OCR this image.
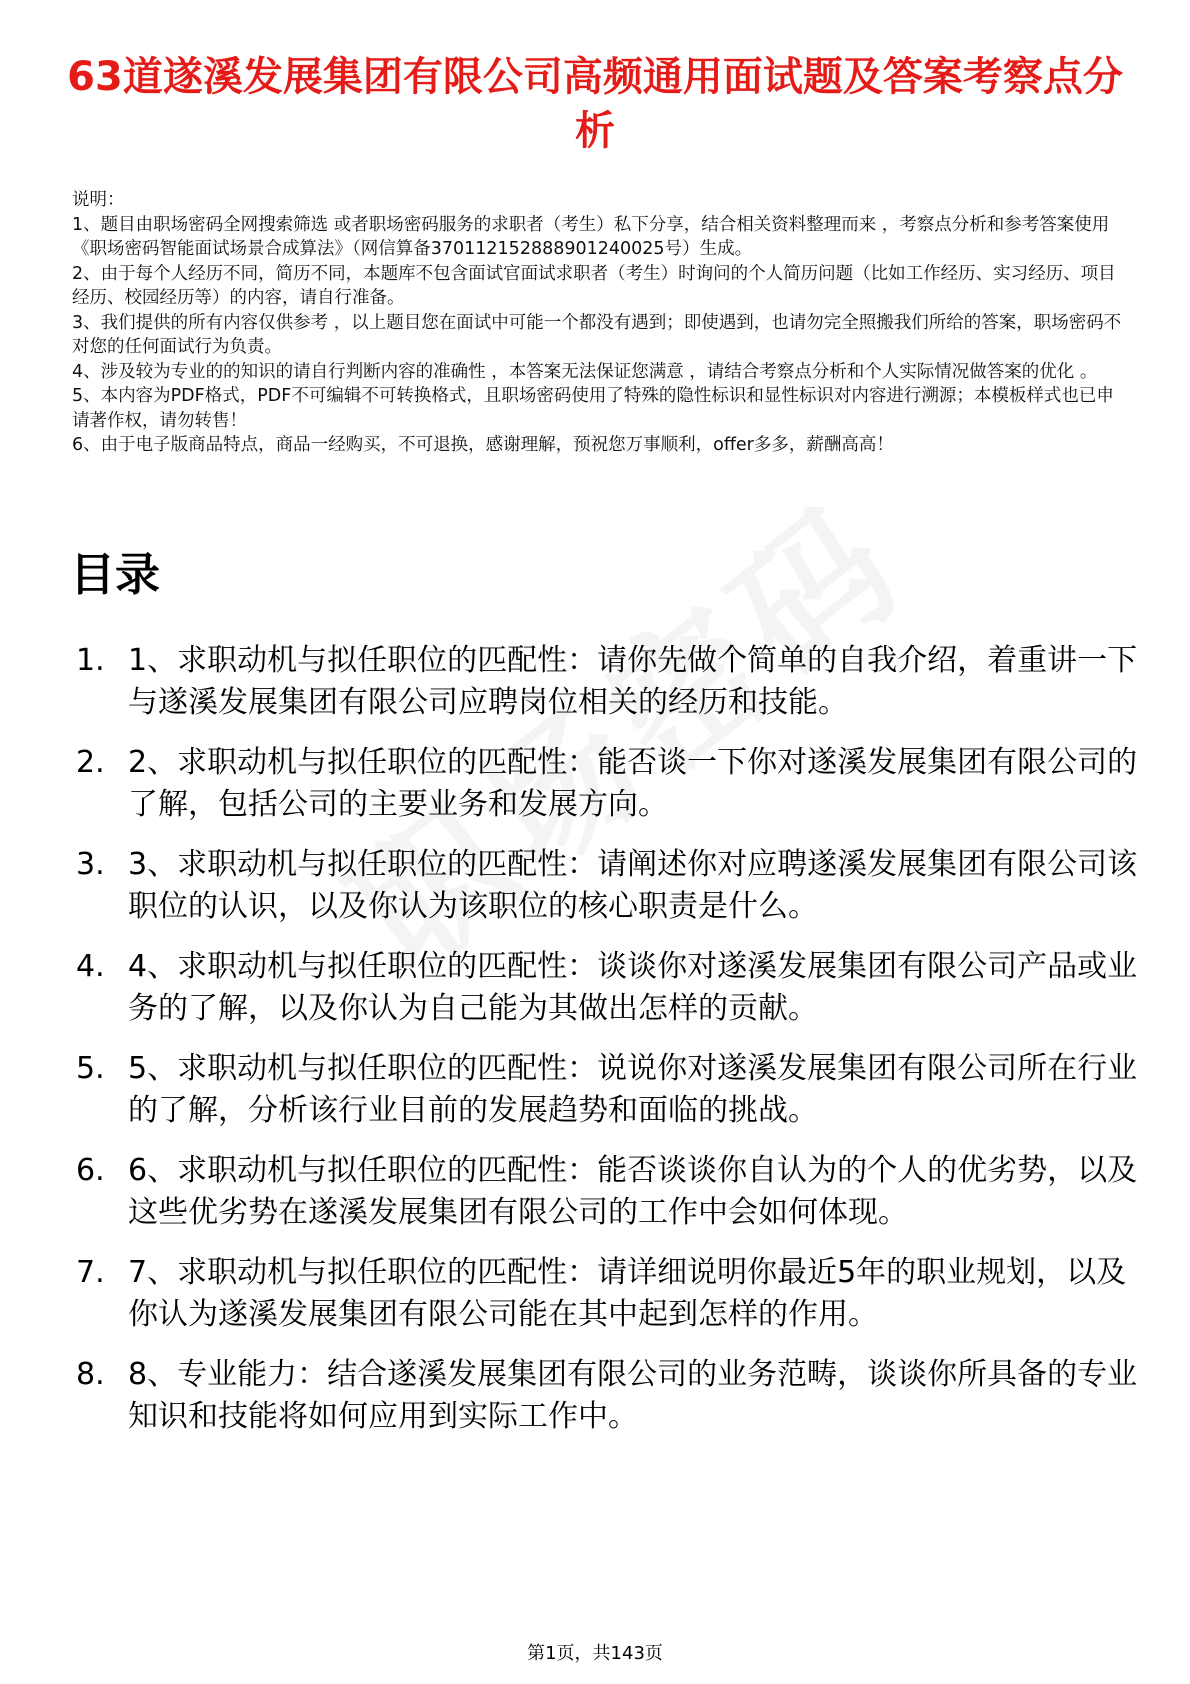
63道遂溪发展集团有限公司高频通用面试题及答案考察点分析

说明：

1、题目由职场密码全网搜索筛选 或者职场密码服务的求职者（考生）私下分享，结合相关资料整理而来 ，考察点分析和参考答案使用《职场密码智能面试场景合成算法》（网信算备370112152888901240025号）生成。

2、由于每个人经历不同，简历不同，本题库不包含面试官面试求职者（考生）时询问的个人简历问题（比如工作经历、实习经历、项目经历、校园经历等）的内容，请自行准备。

3、我们提供的所有内容仅供参考 ，以上题目您在面试中可能一个都没有遇到；即使遇到，也请勿完全照搬我们所给的答案，职场密码不对您的任何面试行为负责。

4、涉及较为专业的的知识的请自行判断内容的准确性 ，本答案无法保证您满意 ，请结合考察点分析和个人实际情况做答案的优化 。

5、本内容为PDF格式，PDF不可编辑不可转换格式，且职场密码使用了特殊的隐性标识和显性标识对内容进行溯源；本模板样式也已申请著作权，请勿转售！

6、由于电子版商品特点，商品一经购买，不可退换，感谢理解，预祝您万事顺利，offer多多，薪酬高高！

目录
1. 1、求职动机与拟任职位的匹配性：请你先做个简单的自我介绍，着重讲一下与遂溪发展集团有限公司应聘岗位相关的经历和技能。
2. 2、求职动机与拟任职位的匹配性：能否谈一下你对遂溪发展集团有限公司的了解，包括公司的主要业务和发展方向。
3. 3、求职动机与拟任职位的匹配性：请阐述你对应聘遂溪发展集团有限公司该职位的认识，以及你认为该职位的核心职责是什么。
4. 4、求职动机与拟任职位的匹配性：谈谈你对遂溪发展集团有限公司产品或业务的了解，以及你认为自己能为其做出怎样的贡献。
5. 5、求职动机与拟任职位的匹配性：说说你对遂溪发展集团有限公司所在行业的了解，分析该行业目前的发展趋势和面临的挑战。
6. 6、求职动机与拟任职位的匹配性：能否谈谈你自认为的个人的优劣势，以及这些优劣势在遂溪发展集团有限公司的工作中会如何体现。
7. 7、求职动机与拟任职位的匹配性：请详细说明你最近5年的职业规划，以及你认为遂溪发展集团有限公司能在其中起到怎样的作用。
8. 8、专业能力：结合遂溪发展集团有限公司的业务范畴，谈谈你所具备的专业知识和技能将如何应用到实际工作中。
第1页，共143页
